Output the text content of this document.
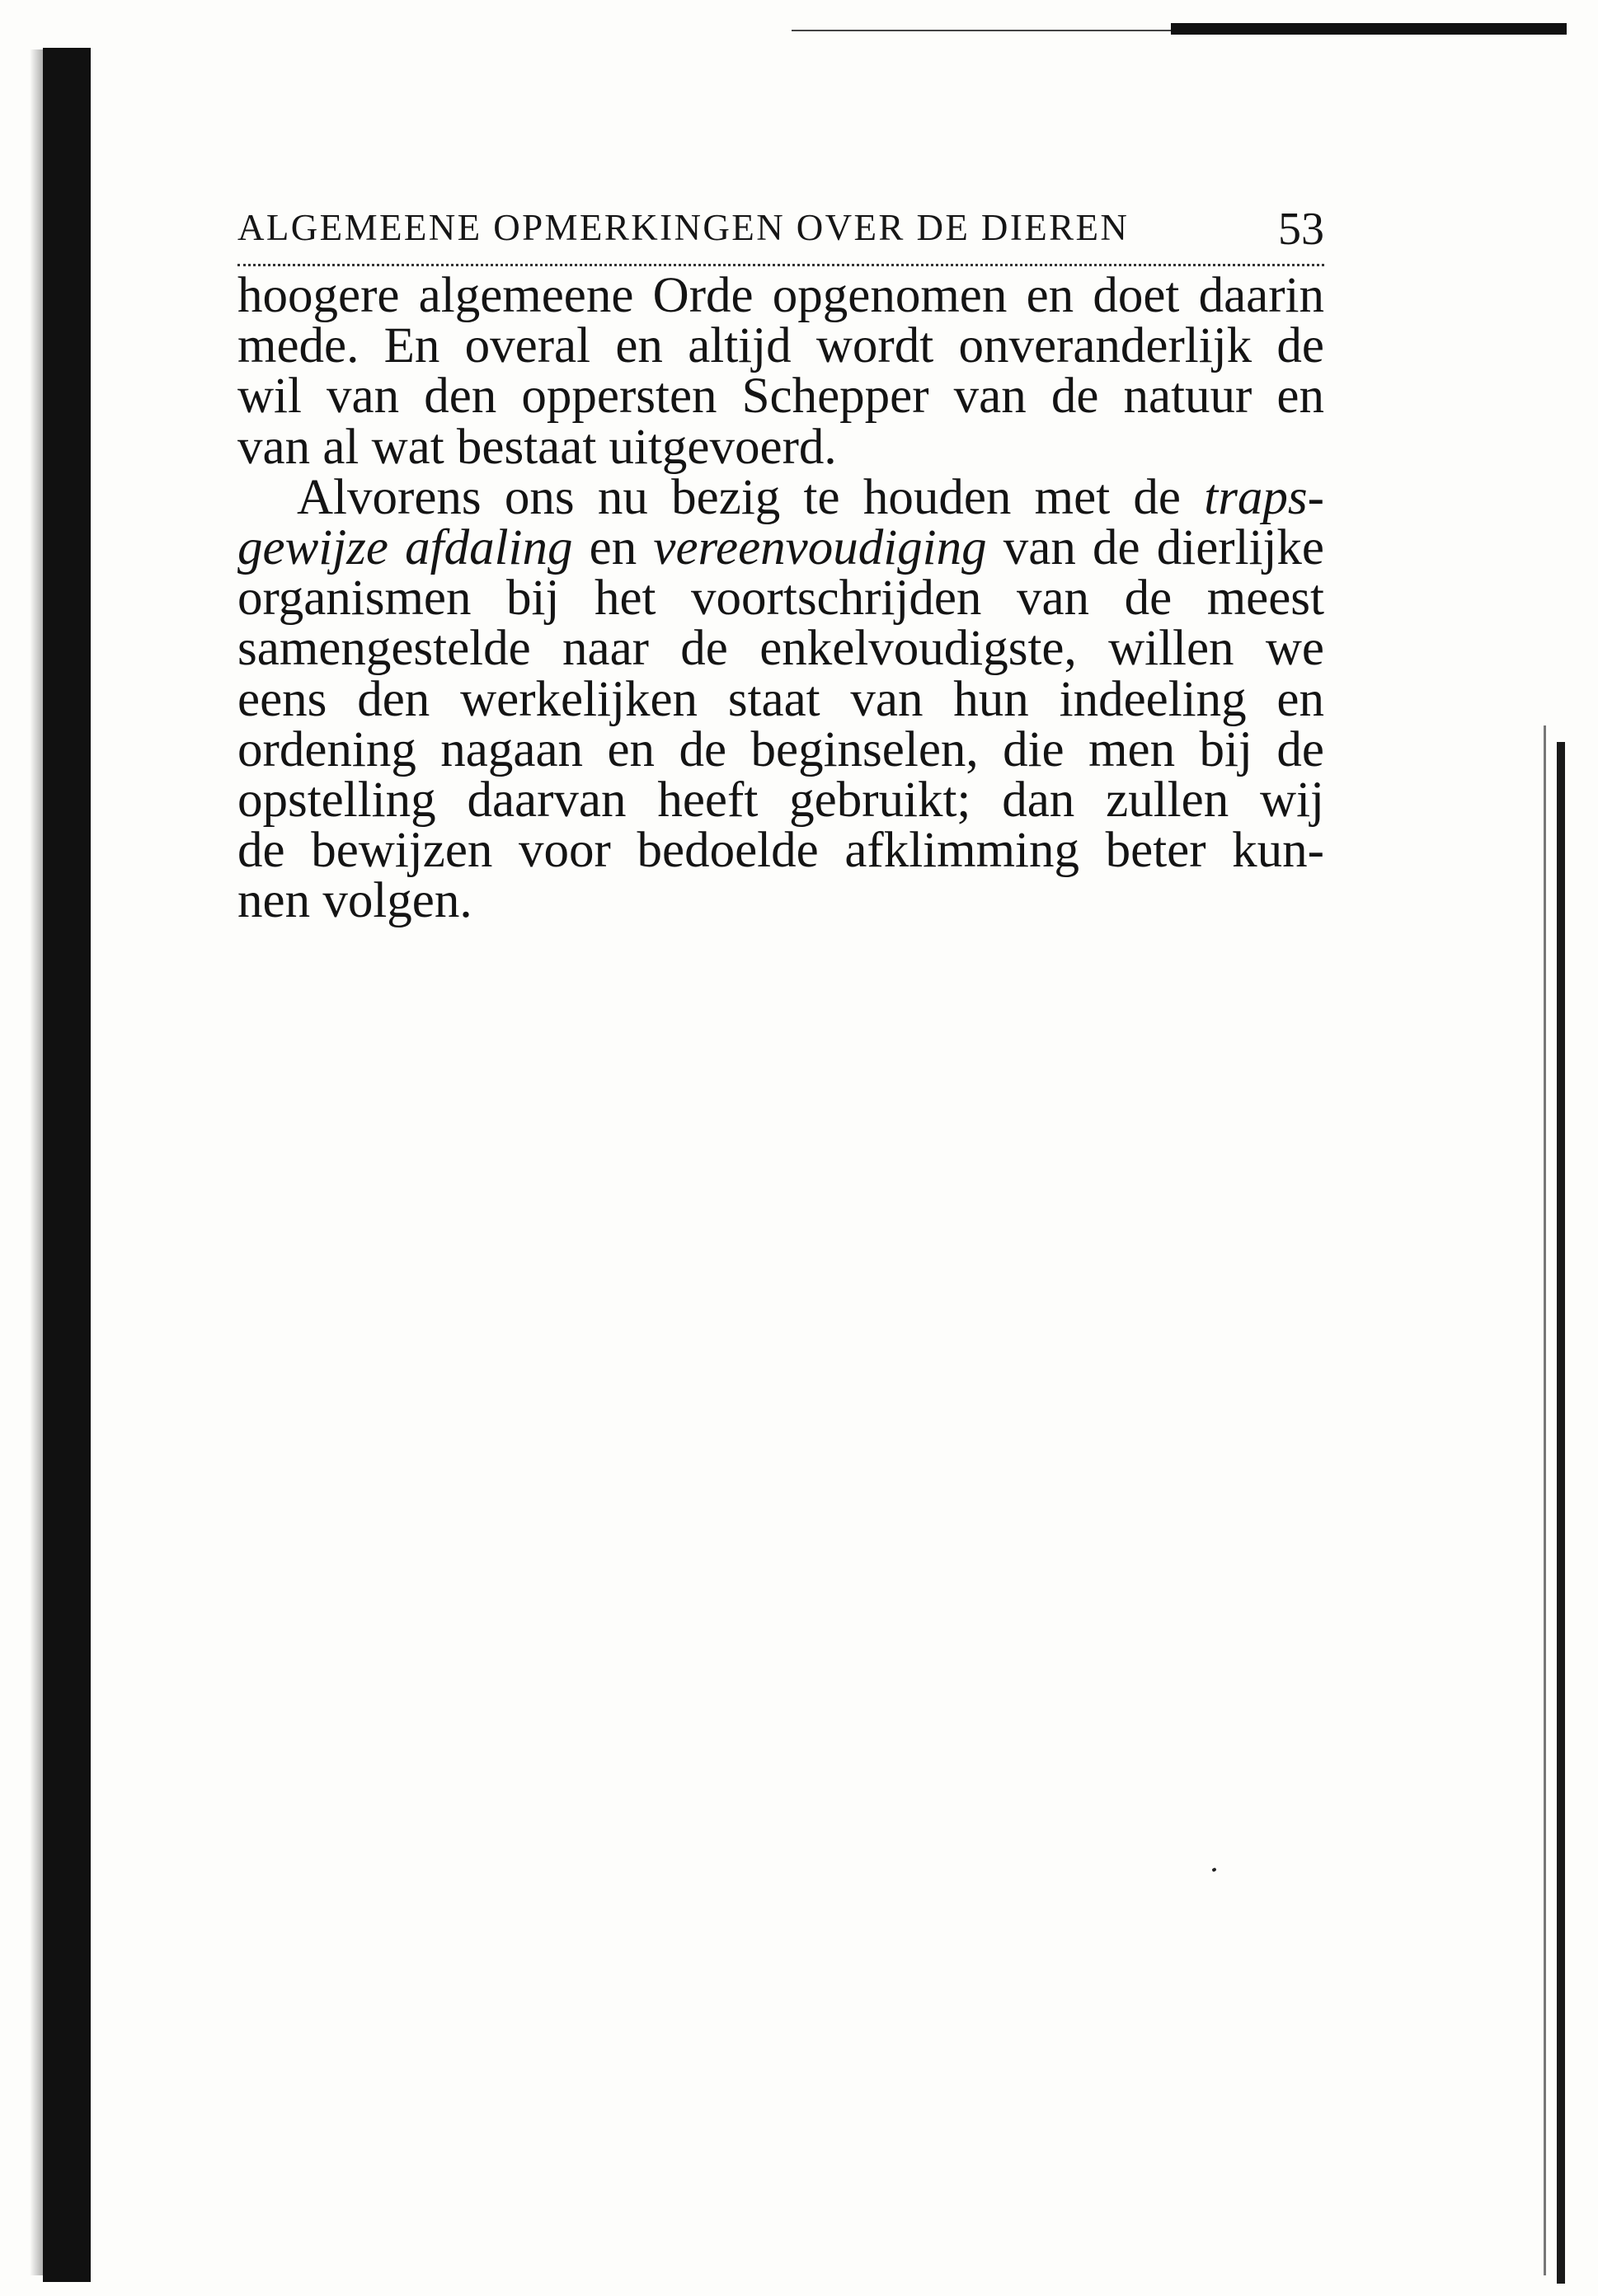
ALGEMEENE OPMERKINGEN OVER DE DIEREN	53
hoogere algemeene Orde opgenomen en doet daarin
mede. En overal en altijd wordt onveranderlijk de
wil van den oppersten Schepper van de natuur en
van al wat bestaat uitgevoerd.
Alvorens ons nu bezig te houden met de traps-
gewijze afdaling en vereenvoudiging van de dierlijke
organismen bij het voortschrijden van de meest
samengestelde naar de enkelvoudigste, willen we
eens den werkelijken staat van hun indeeling en
ordening nagaan en de beginselen, die men bij de
opstelling daarvan heeft gebruikt; dan zullen wij
de bewijzen voor bedoelde afklimming beter kun-
nen volgen.
